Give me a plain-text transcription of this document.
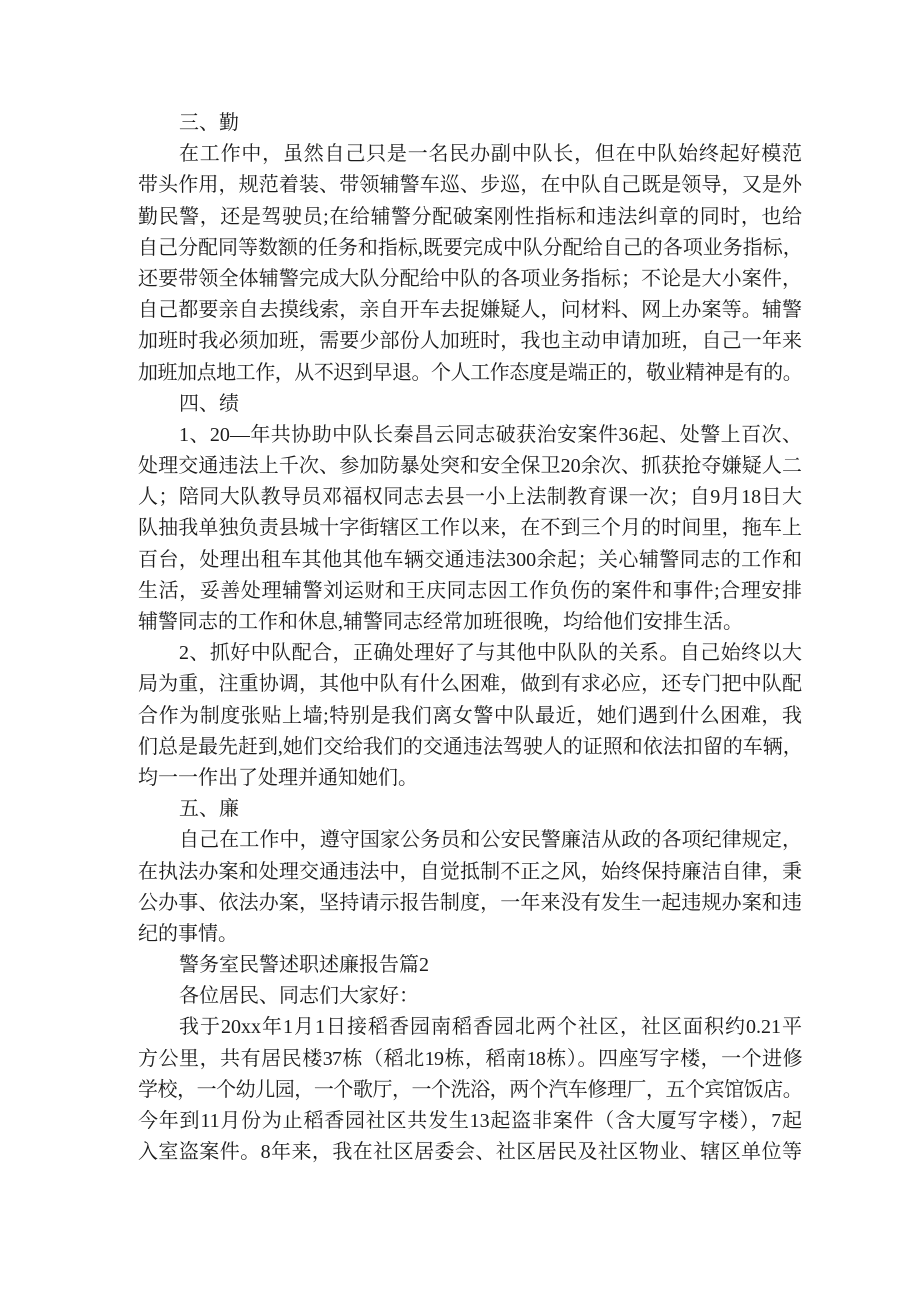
三、勤
在工作中，虽然自己只是一名民办副中队长，但在中队始终起好模范
带头作用，规范着装、带领辅警车巡、步巡，在中队自己既是领导，又是外
勤民警，还是驾驶员;在给辅警分配破案刚性指标和违法纠章的同时，也给
自己分配同等数额的任务和指标,既要完成中队分配给自己的各项业务指标，
还要带领全体辅警完成大队分配给中队的各项业务指标；不论是大小案件，
自己都要亲自去摸线索，亲自开车去捉嫌疑人，问材料、网上办案等。辅警
加班时我必须加班，需要少部份人加班时，我也主动申请加班，自己一年来
加班加点地工作，从不迟到早退。个人工作态度是端正的，敬业精神是有的。
四、绩
1、20—年共协助中队长秦昌云同志破获治安案件36起、处警上百次、
处理交通违法上千次、参加防暴处突和安全保卫20余次、抓获抢夺嫌疑人二
人；陪同大队教导员邓福权同志去县一小上法制教育课一次；自9月18日大
队抽我单独负责县城十字街辖区工作以来，在不到三个月的时间里，拖车上
百台，处理出租车其他其他车辆交通违法300余起；关心辅警同志的工作和
生活，妥善处理辅警刘运财和王庆同志因工作负伤的案件和事件;合理安排
辅警同志的工作和休息,辅警同志经常加班很晚，均给他们安排生活。
2、抓好中队配合，正确处理好了与其他中队队的关系。自己始终以大
局为重，注重协调，其他中队有什么困难，做到有求必应，还专门把中队配
合作为制度张贴上墙;特别是我们离女警中队最近，她们遇到什么困难，我
们总是最先赶到,她们交给我们的交通违法驾驶人的证照和依法扣留的车辆，
均一一作出了处理并通知她们。
五、廉
自己在工作中，遵守国家公务员和公安民警廉洁从政的各项纪律规定，
在执法办案和处理交通违法中，自觉抵制不正之风，始终保持廉洁自律，秉
公办事、依法办案，坚持请示报告制度，一年来没有发生一起违规办案和违
纪的事情。
警务室民警述职述廉报告篇2
各位居民、同志们大家好：
我于20xx年1月1日接稻香园南稻香园北两个社区，社区面积约0.21平
方公里，共有居民楼37栋（稻北19栋，稻南18栋）。四座写字楼，一个进修
学校，一个幼儿园，一个歌厅，一个洗浴，两个汽车修理厂，五个宾馆饭店。
今年到11月份为止稻香园社区共发生13起盗非案件（含大厦写字楼），7起
入室盗案件。8年来，我在社区居委会、社区居民及社区物业、辖区单位等
